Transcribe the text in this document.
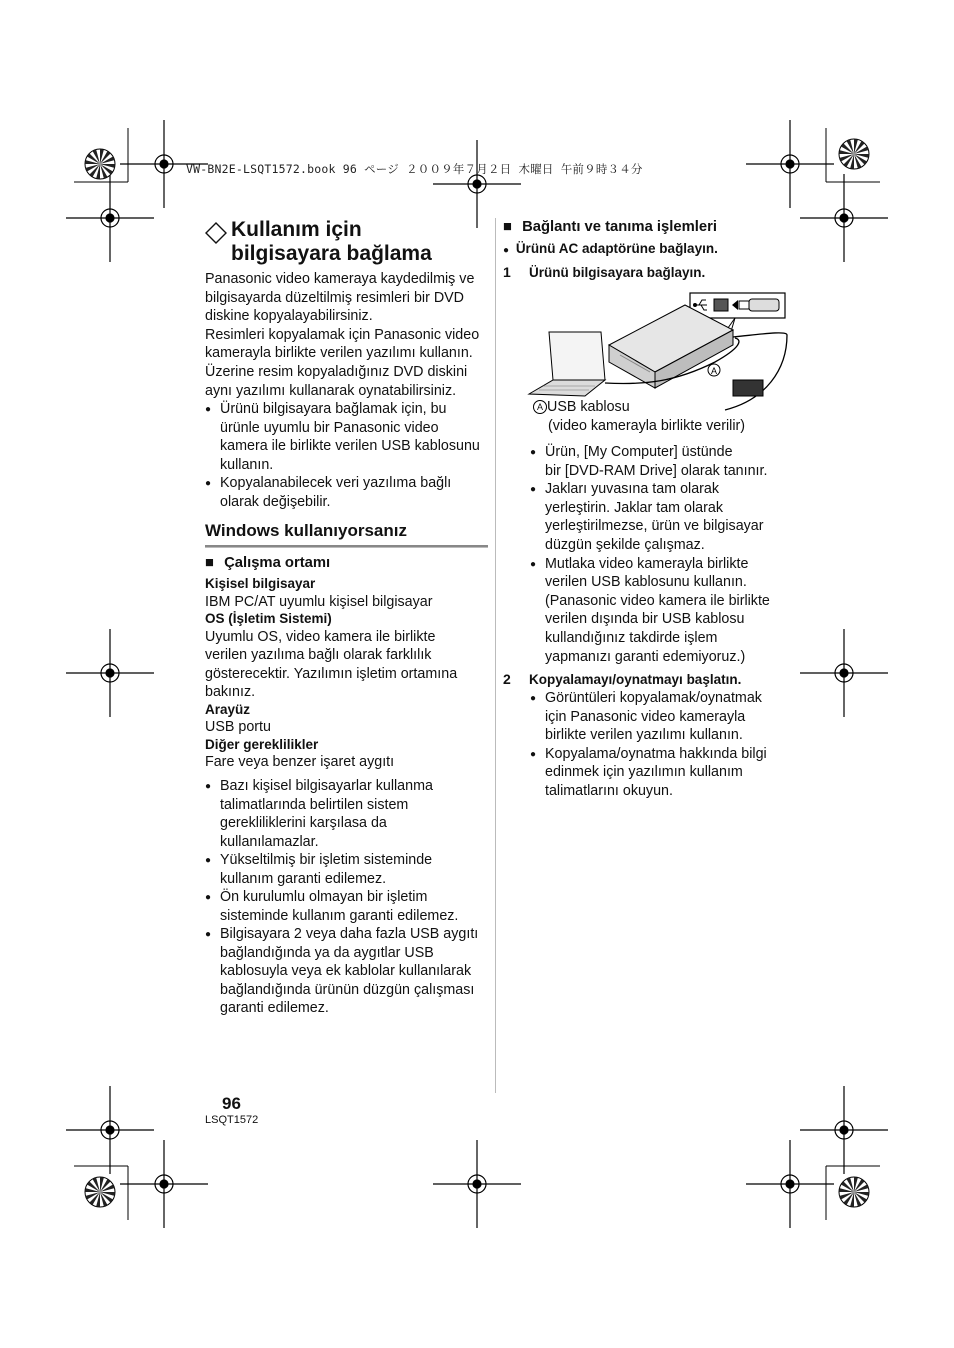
VW-BN2E-LSQT1572.book 96 ページ ２００９年７月２日 木曜日 午前９時３４分
Kullanım için
bilgisayara bağlama
Panasonic video kameraya kaydedilmiş ve
bilgisayarda düzeltilmiş resimleri bir DVD
diskine kopyalayabilirsiniz.
Resimleri kopyalamak için Panasonic video
kamerayla birlikte verilen yazılımı kullanın.
Üzerine resim kopyaladığınız DVD diskini
aynı yazılımı kullanarak oynatabilirsiniz.
● Ürünü bilgisayara bağlamak için, bu
ürünle uyumlu bir Panasonic video
kamera ile birlikte verilen USB kablosunu
kullanın.
● Kopyalanabilecek veri yazılıma bağlı
olarak değişebilir.
Windows kullanıyorsanız
■ Çalışma ortamı
Kişisel bilgisayar
IBM PC/AT uyumlu kişisel bilgisayar
OS (İşletim Sistemi)
Uyumlu OS, video kamera ile birlikte
verilen yazılıma bağlı olarak farklılık
gösterecektir. Yazılımın işletim ortamına
bakınız.
Arayüz
USB portu
Diğer gereklilikler
Fare veya benzer işaret aygıtı
● Bazı kişisel bilgisayarlar kullanma
talimatlarında belirtilen sistem
gerekliliklerini karşılasa da
kullanılamazlar.
● Yükseltilmiş bir işletim sisteminde
kullanım garanti edilemez.
● Ön kurulumlu olmayan bir işletim
sisteminde kullanım garanti edilemez.
● Bilgisayara 2 veya daha fazla USB aygıtı
bağlandığında ya da aygıtlar USB
kablosuyla veya ek kablolar kullanılarak
bağlandığında ürünün düzgün çalışması
garanti edilemez.
■ Bağlantı ve tanıma işlemleri
● Ürünü AC adaptörüne bağlayın.
1 Ürünü bilgisayara bağlayın.
A
A USB kablosu
(video kamerayla birlikte verilir)
● Ürün, [My Computer] üstünde
bir [DVD-RAM Drive] olarak tanınır.
● Jakları yuvasına tam olarak
yerleştirin. Jaklar tam olarak
yerleştirilmezse, ürün ve bilgisayar
düzgün şekilde çalışmaz.
● Mutlaka video kamerayla birlikte
verilen USB kablosunu kullanın.
(Panasonic video kamera ile birlikte
verilen dışında bir USB kablosu
kullandığınız takdirde işlem
yapmanızı garanti edemiyoruz.)
2 Kopyalamayı/oynatmayı başlatın.
● Görüntüleri kopyalamak/oynatmak
için Panasonic video kamerayla
birlikte verilen yazılımı kullanın.
● Kopyalama/oynatma hakkında bilgi
edinmek için yazılımın kullanım
talimatlarını okuyun.
96
LSQT1572
